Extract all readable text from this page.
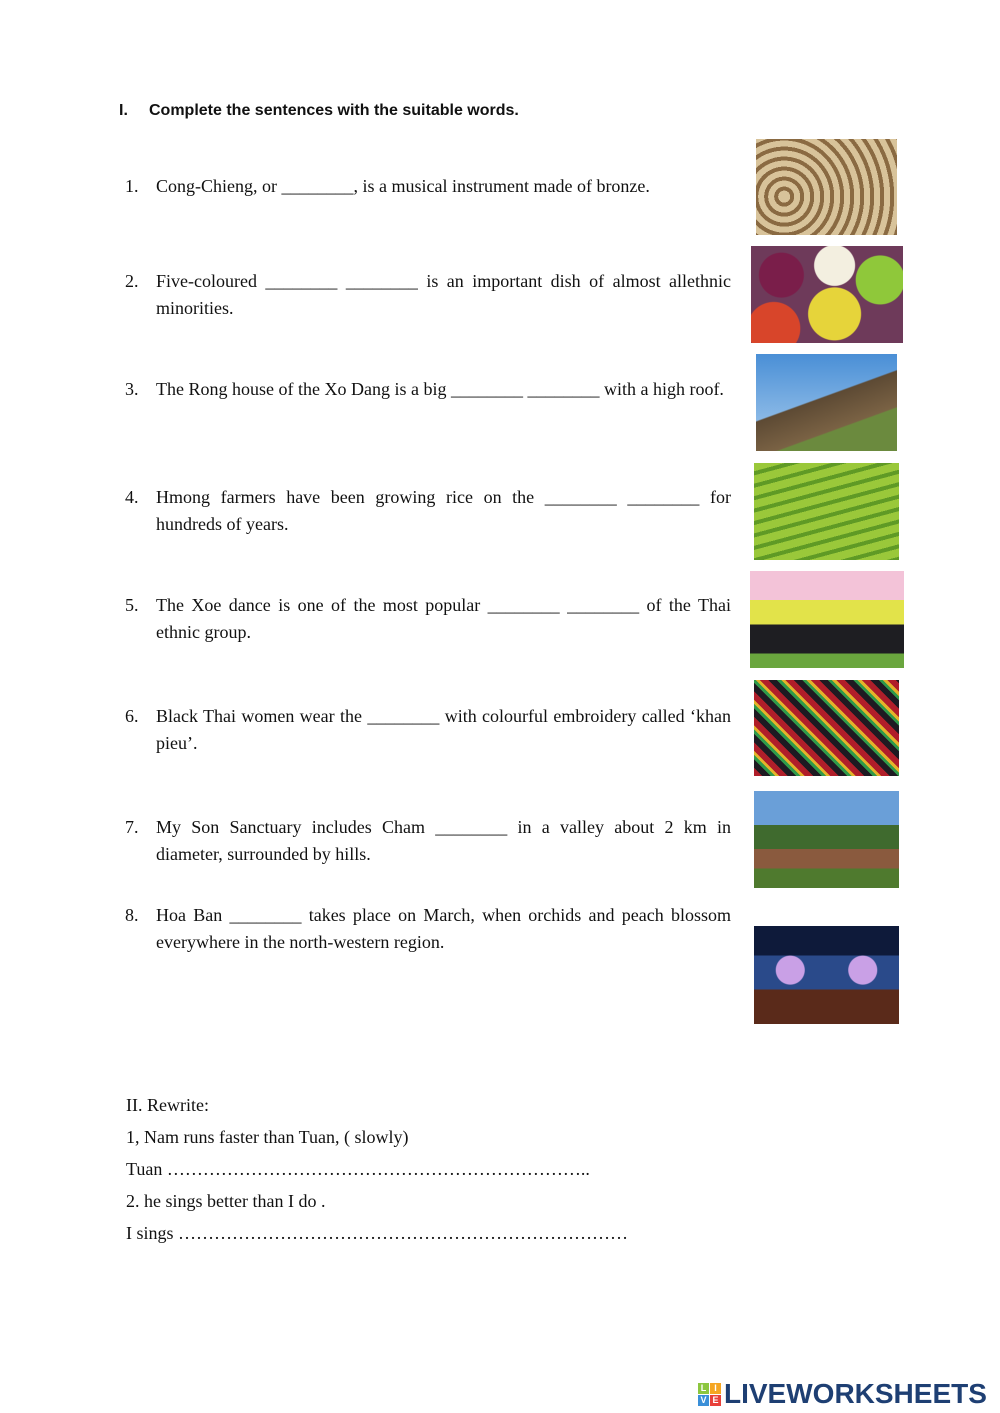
I. Complete the sentences with the suitable words.
1. Cong-Chieng, or ________, is a musical instrument made of bronze.
2. Five-coloured ________ ________ is an important dish of almost allethnic minorities.
3. The Rong house of the Xo Dang is a big ________ ________ with a high roof.
4. Hmong farmers have been growing rice on the ________ ________ for hundreds of years.
5. The Xoe dance is one of the most popular ________ ________ of the Thai ethnic group.
6. Black Thai women wear the ________ with colourful embroidery called ‘khan pieu’.
7. My Son Sanctuary includes Cham ________ in a valley about 2 km in diameter, surrounded by hills.
8. Hoa Ban ________ takes place on March, when orchids and peach blossom everywhere in the north-western region.
II. Rewrite:
1, Nam runs faster than Tuan, ( slowly)
Tuan ……………………………………………………………..
2. he sings better than I do .
I sings …………………………………………………………………
L I
V E LIVEWORKSHEETS
